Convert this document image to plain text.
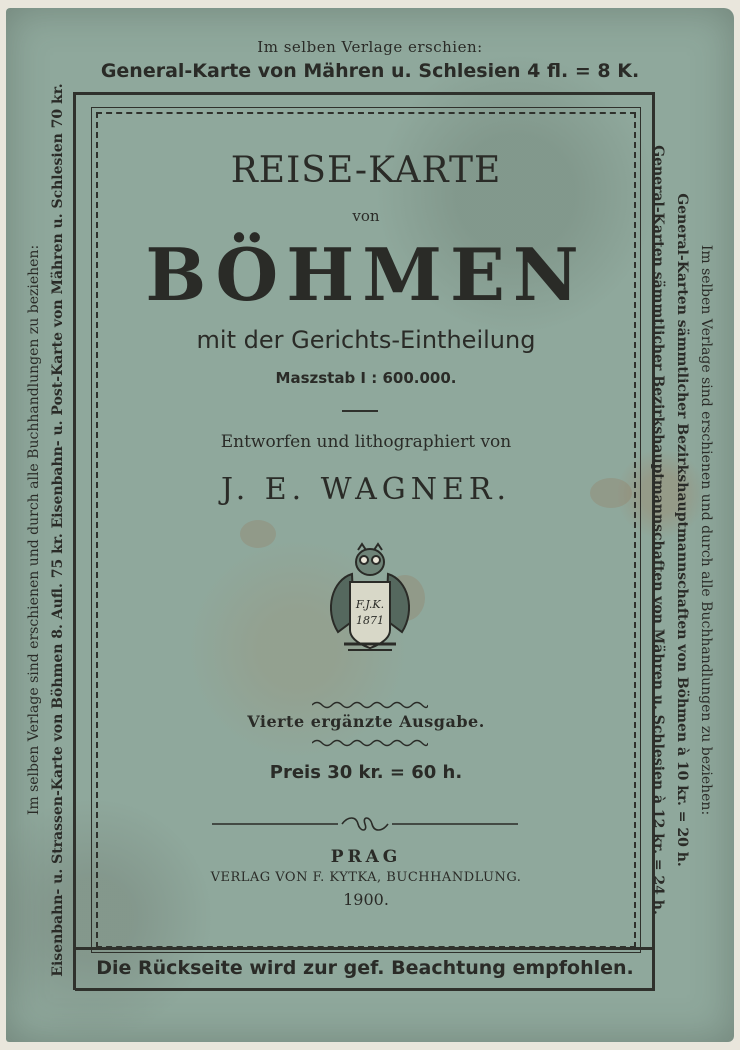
Im selben Verlage erschien:
General-Karte von Mähren u. Schlesien 4 fl. = 8 K.
REISE-KARTE
von
BÖHMEN
mit der Gerichts-Eintheilung
Maszstab I : 600.000.
Entworfen und lithographiert von
J. E. WAGNER.
F.J.K.
1871
Vierte ergänzte Ausgabe.
Preis 30 kr. = 60 h.
PRAG
VERLAG VON F. KYTKA, BUCHHANDLUNG.
1900.
Die Rückseite wird zur gef. Beachtung empfohlen.
Im selben Verlage sind erschienen und durch alle Buchhandlungen zu beziehen: Eisenbahn- u. Strassen-Karte von Böhmen 8. Aufl. 75 kr. Eisenbahn- u. Post-Karte von Mähren u. Schlesien 70 kr.	Im selben Verlage sind erschienen und durch alle Buchhandlungen zu beziehen:
General-Karten sämmtlicher Bezirkshauptmannschaften von Böhmen à 10 kr. = 20 h.
General-Karten sämmtlicher Bezirkshauptmannschaften von Mähren u. Schlesien à 12 kr. = 24 h.
